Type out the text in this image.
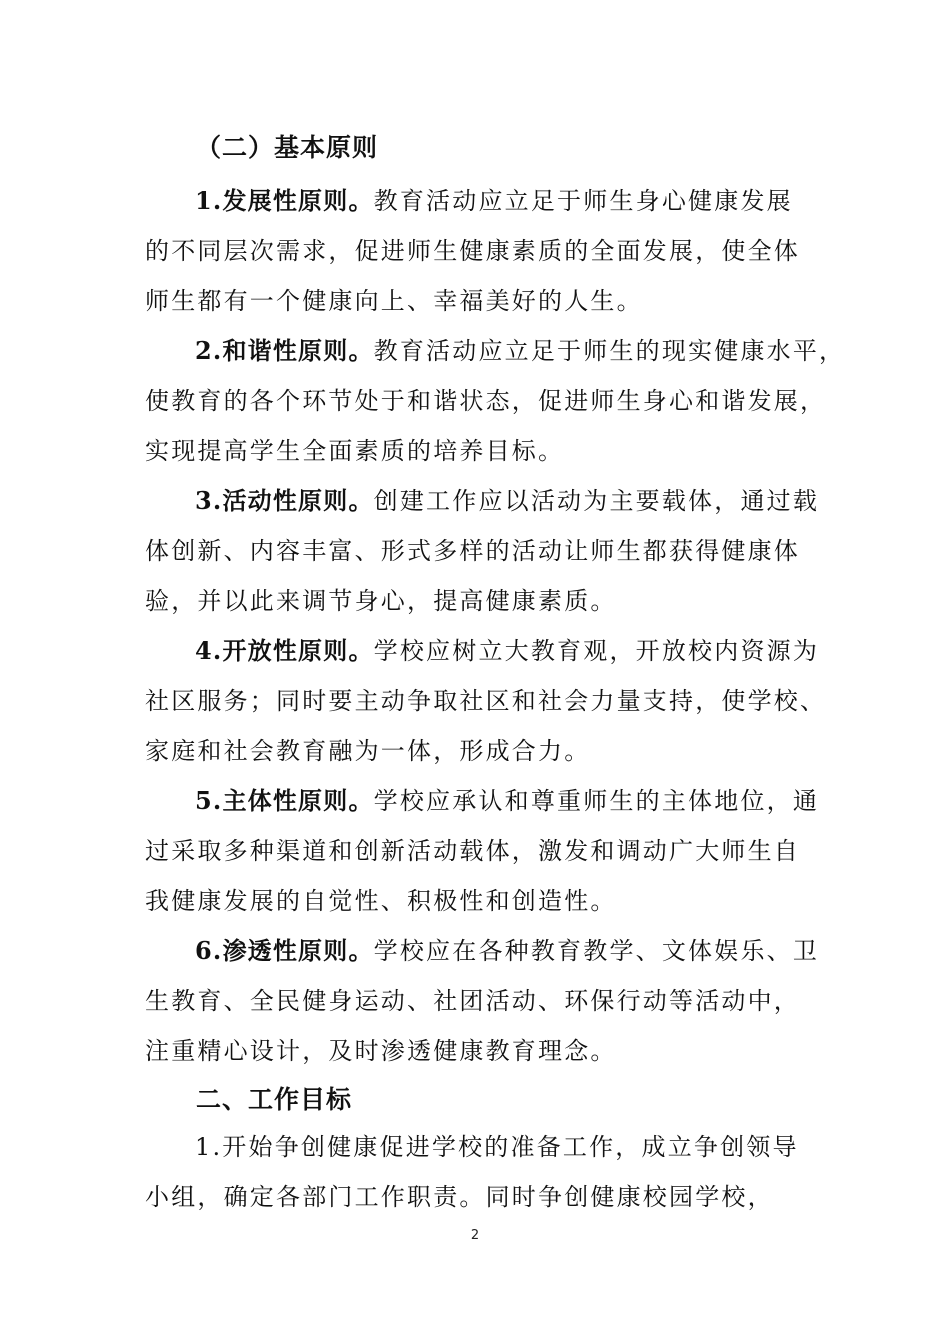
（二）基本原则
1.发展性原则。教育活动应立足于师生身心健康发展
的不同层次需求，促进师生健康素质的全面发展，使全体
师生都有一个健康向上、幸福美好的人生。
2.和谐性原则。教育活动应立足于师生的现实健康水平，
使教育的各个环节处于和谐状态，促进师生身心和谐发展，
实现提高学生全面素质的培养目标。
3.活动性原则。创建工作应以活动为主要载体，通过载
体创新、内容丰富、形式多样的活动让师生都获得健康体
验，并以此来调节身心，提高健康素质。
4.开放性原则。学校应树立大教育观，开放校内资源为
社区服务；同时要主动争取社区和社会力量支持，使学校、
家庭和社会教育融为一体，形成合力。
5.主体性原则。学校应承认和尊重师生的主体地位，通
过采取多种渠道和创新活动载体，激发和调动广大师生自
我健康发展的自觉性、积极性和创造性。
6.渗透性原则。学校应在各种教育教学、文体娱乐、卫
生教育、全民健身运动、社团活动、环保行动等活动中，
注重精心设计，及时渗透健康教育理念。
二、工作目标
1.开始争创健康促进学校的准备工作，成立争创领导
小组，确定各部门工作职责。同时争创健康校园学校，
2
